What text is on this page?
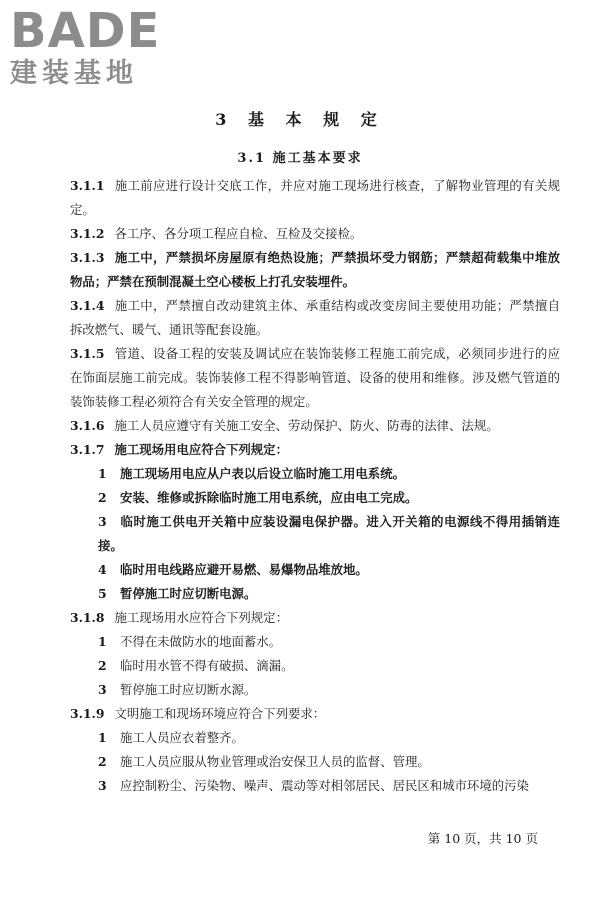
BADE
建装基地
3 基 本 规 定
3.1 施工基本要求

3.1.1 施工前应进行设计交底工作，并应对施工现场进行核查，了解物业管理的有关规定。

3.1.2 各工序、各分项工程应自检、互检及交接检。

3.1.3 施工中，严禁损坏房屋原有绝热设施；严禁损坏受力钢筋；严禁超荷载集中堆放物品；严禁在预制混凝土空心楼板上打孔安装埋件。

3.1.4 施工中，严禁擅自改动建筑主体、承重结构或改变房间主要使用功能；严禁擅自拆改燃气、暖气、通讯等配套设施。

3.1.5 管道、设备工程的安装及调试应在装饰装修工程施工前完成，必须同步进行的应在饰面层施工前完成。装饰装修工程不得影响管道、设备的使用和维修。涉及燃气管道的装饰装修工程必须符合有关安全管理的规定。

3.1.6 施工人员应遵守有关施工安全、劳动保护、防火、防毒的法律、法规。

3.1.7 施工现场用电应符合下列规定：

1 施工现场用电应从户表以后设立临时施工用电系统。

2 安装、维修或拆除临时施工用电系统，应由电工完成。

3 临时施工供电开关箱中应装设漏电保护器。进入开关箱的电源线不得用插销连接。

4 临时用电线路应避开易燃、易爆物品堆放地。

5 暂停施工时应切断电源。

3.1.8 施工现场用水应符合下列规定：

1 不得在未做防水的地面蓄水。

2 临时用水管不得有破损、滴漏。

3 暂停施工时应切断水源。

3.1.9 文明施工和现场环境应符合下列要求：

1 施工人员应衣着整齐。

2 施工人员应服从物业管理或治安保卫人员的监督、管理。

3 应控制粉尘、污染物、噪声、震动等对相邻居民、居民区和城市环境的污染

第 10 页，共 10 页
